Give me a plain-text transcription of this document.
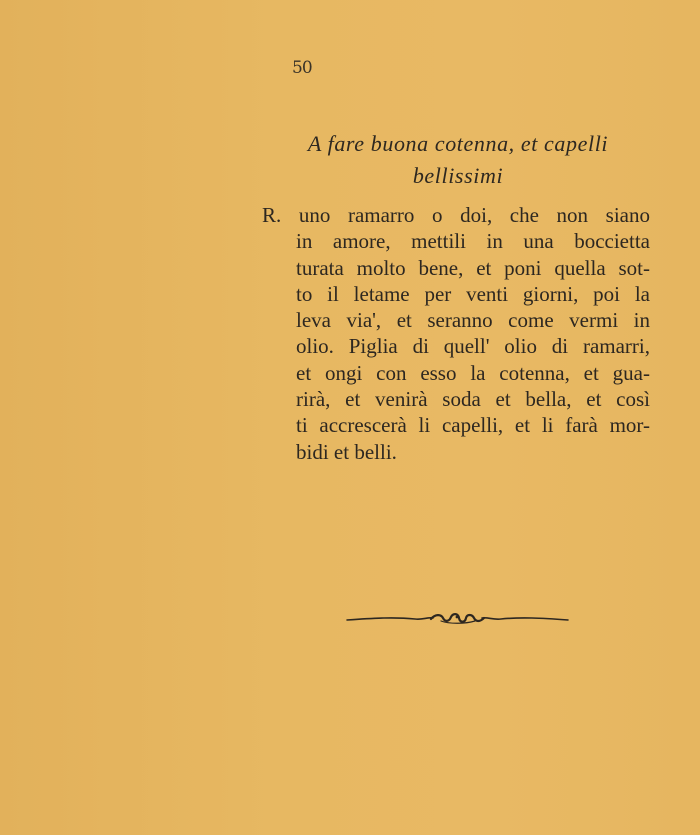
50
A fare buona cotenna, et capelli
bellissimi
R. uno ramarro o doi, che non siano
in amore, mettili in una boccietta
turata molto bene, et poni quella sot-
to il letame per venti giorni, poi la
leva via', et seranno come vermi in
olio. Piglia di quell' olio di ramarri,
et ongi con esso la cotenna, et gua-
rirà, et venirà soda et bella, et così
ti accrescerà li capelli, et li farà mor-
bidi et belli.
